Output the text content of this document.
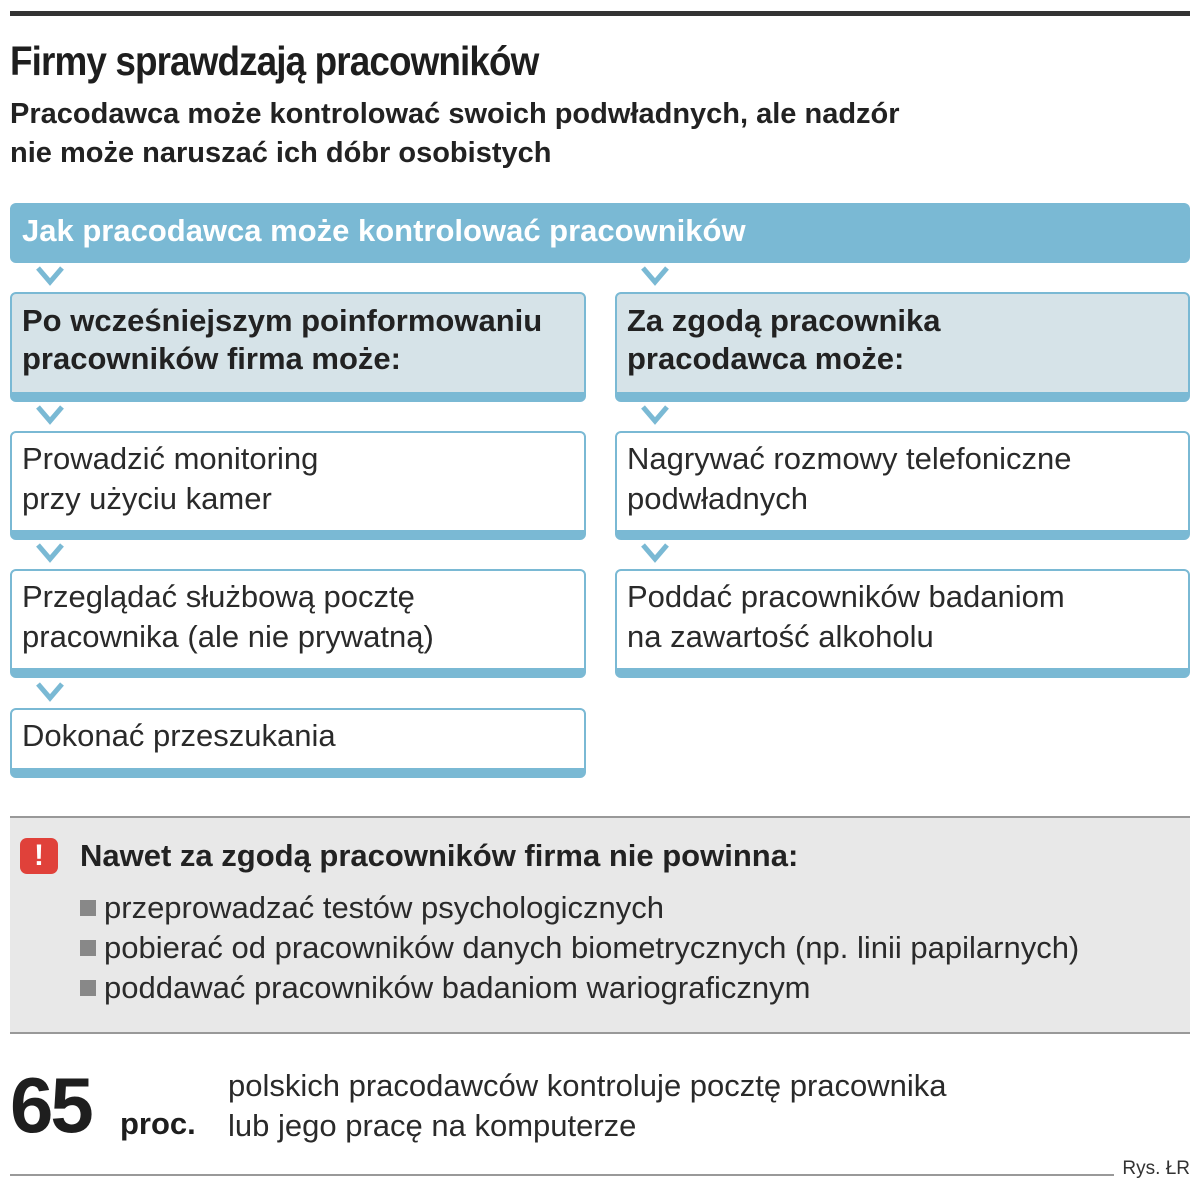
Firmy sprawdzają pracowników
Pracodawca może kontrolować swoich podwładnych, ale nadzór
nie może naruszać ich dóbr osobistych
Jak pracodawca może kontrolować pracowników
Po wcześniejszym poinformowaniu
pracowników firma może:
Prowadzić monitoring
przy użyciu kamer
Przeglądać służbową pocztę
pracownika (ale nie prywatną)
Dokonać przeszukania
Za zgodą pracownika
pracodawca może:
Nagrywać rozmowy telefoniczne
podwładnych
Poddać pracowników badaniom
na zawartość alkoholu
!	Nawet za zgodą pracowników firma nie powinna:

przeprowadzać testów psychologicznych
pobierać od pracowników danych biometrycznych (np. linii papilarnych)
poddawać pracowników badaniom wariograficznym
65 proc.
polskich pracodawców kontroluje pocztę pracownika
lub jego pracę na komputerze
Rys. ŁR
